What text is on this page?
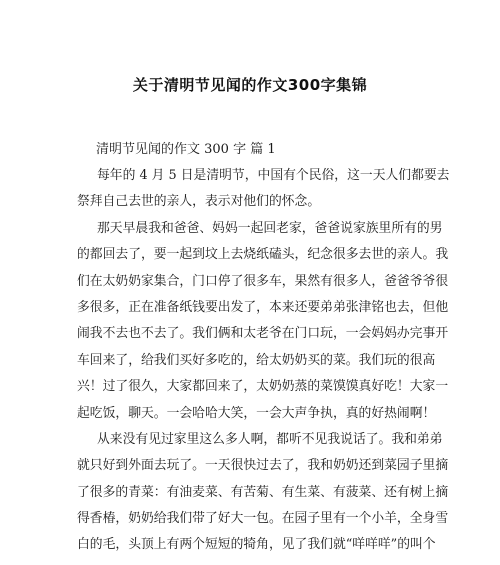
关于清明节见闻的作文300字集锦
清明节见闻的作文 300 字 篇 1
每年的 4 月 5 日是清明节，中国有个民俗，这一天人们都要去
祭拜自己去世的亲人，表示对他们的怀念。
那天早晨我和爸爸、妈妈一起回老家，爸爸说家族里所有的男
的都回去了，要一起到坟上去烧纸磕头，纪念很多去世的亲人。我
们在太奶奶家集合，门口停了很多车，果然有很多人，爸爸爷爷很
多很多，正在准备纸钱要出发了，本来还要弟弟张津铭也去，但他
闹我不去也不去了。我们俩和太老爷在门口玩，一会妈妈办完事开
车回来了，给我们买好多吃的，给太奶奶买的菜。我们玩的很高
兴！过了很久，大家都回来了，太奶奶蒸的菜馍馍真好吃！大家一
起吃饭，聊天。一会哈哈大笑，一会大声争执，真的好热闹啊！
从来没有见过家里这么多人啊，都听不见我说话了。我和弟弟
就只好到外面去玩了。一天很快过去了，我和奶奶还到菜园子里摘
了很多的青菜：有油麦菜、有苦菊、有生菜、有菠菜、还有树上摘
得香椿，奶奶给我们带了好大一包。在园子里有一个小羊，全身雪
白的毛，头顶上有两个短短的犄角，见了我们就“咩咩咩”的叫个
